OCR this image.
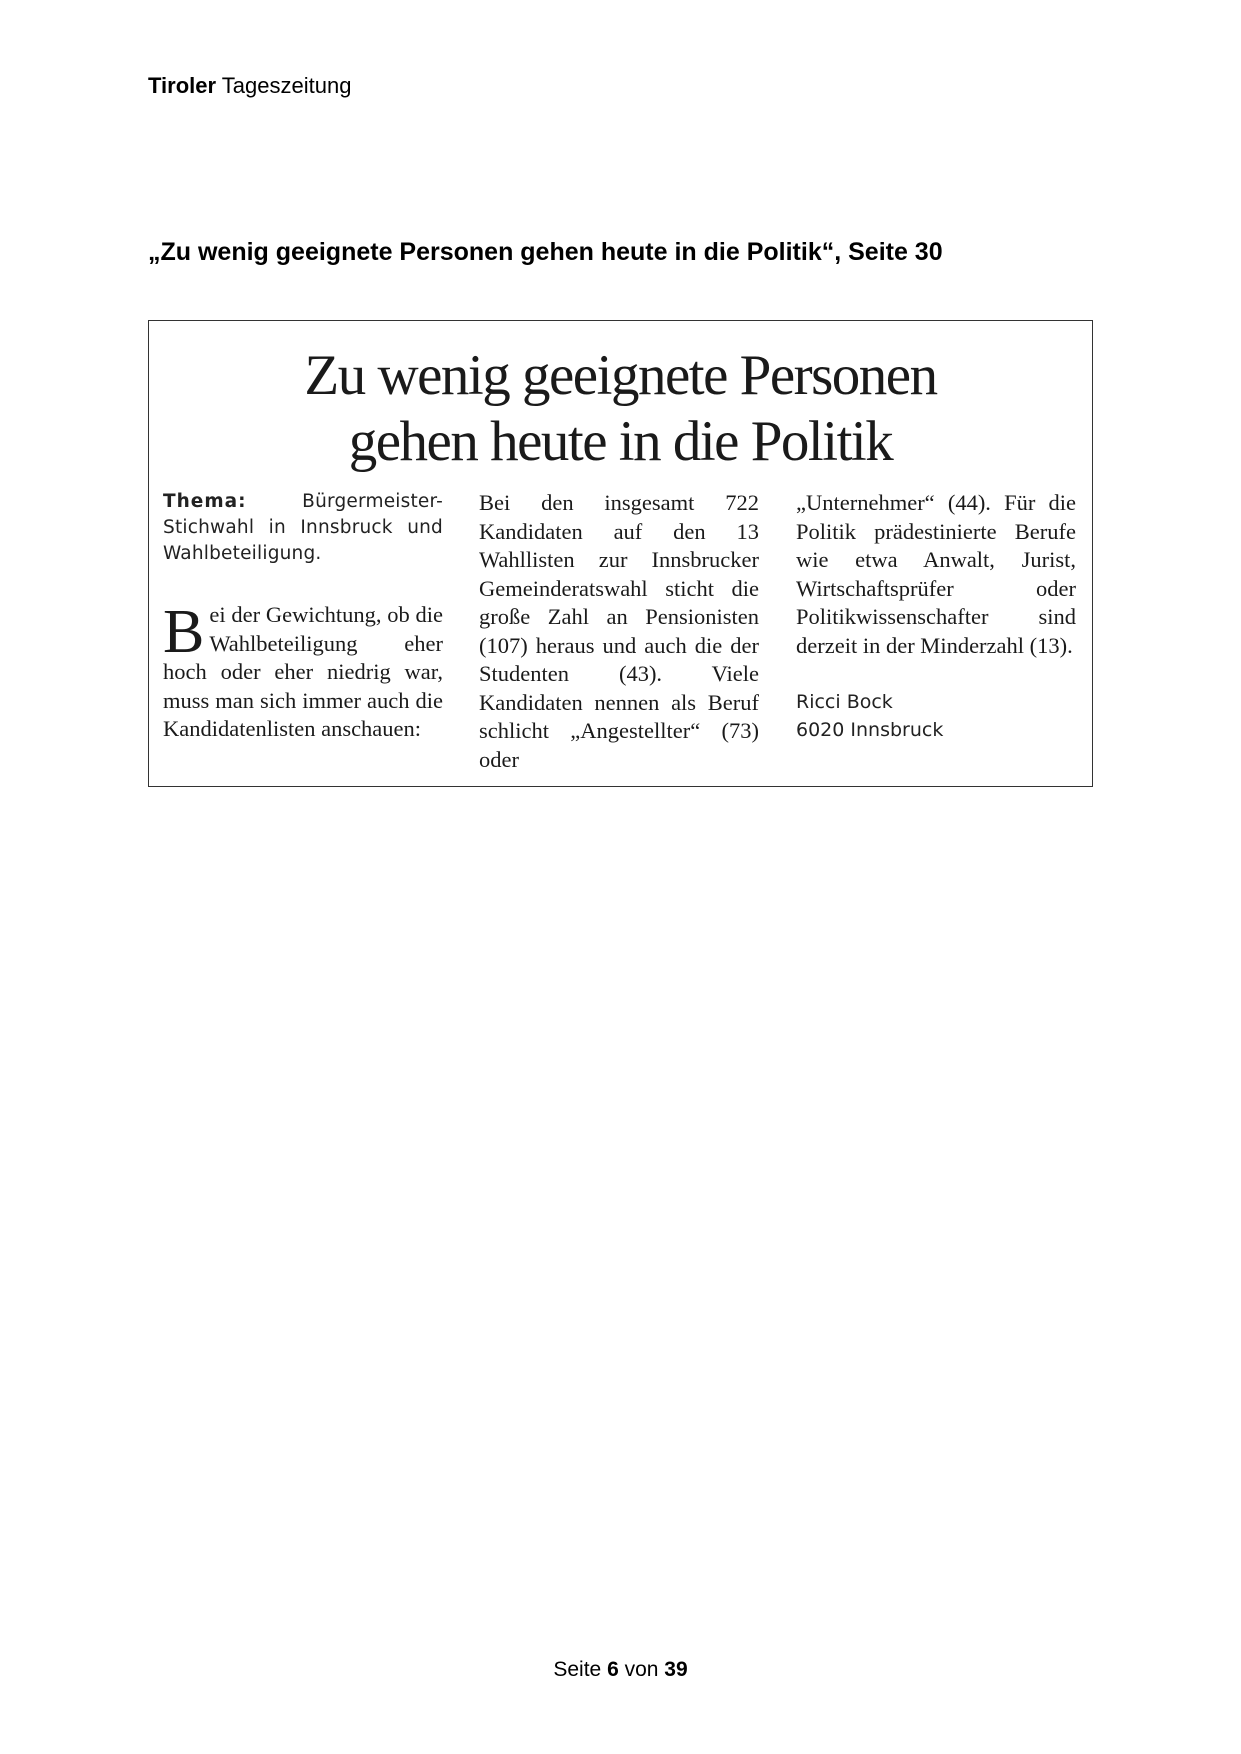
Tiroler Tageszeitung
„Zu wenig geeignete Personen gehen heute in die Politik“, Seite 30
Zu wenig geeignete Personen
gehen heute in die Politik
Thema:	Bürgermeister-Stichwahl in Innsbruck und Wahlbeteiligung.
Bei der Gewichtung, ob die Wahlbeteiligung eher hoch oder eher niedrig war, muss man sich immer auch die Kandidatenlisten anschauen:
Bei den insgesamt 722 Kandidaten auf den 13 Wahllisten zur Innsbrucker Gemeinderatswahl sticht die große Zahl an Pensionisten (107) heraus und auch die der Studenten (43). Viele Kandidaten nennen als Beruf schlicht „Angestellter“ (73) oder
„Unternehmer“ (44). Für die Politik prädestinierte Berufe wie etwa Anwalt, Jurist, Wirtschaftsprüfer oder Politikwissenschafter sind derzeit in der Minderzahl (13).
Ricci Bock
6020 Innsbruck
Seite 6 von 39
